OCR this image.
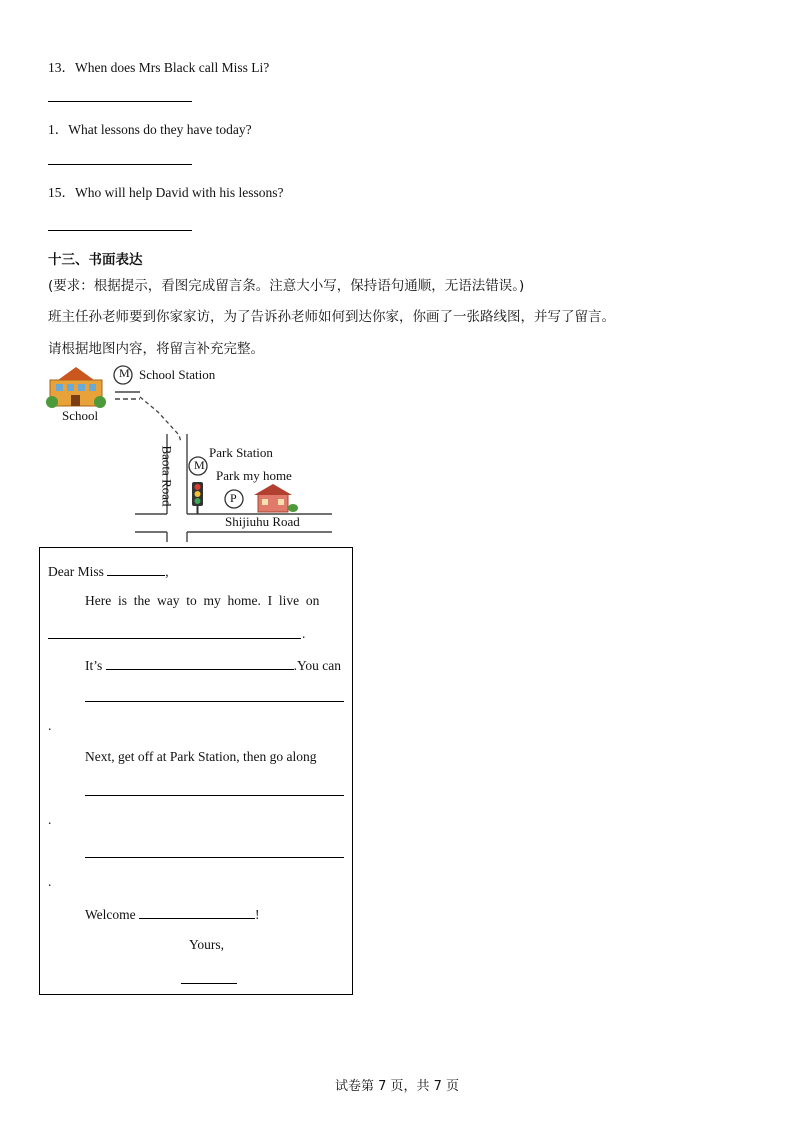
13．When does Mrs Black call Miss Li?
1．What lessons do they have today?
15．Who will help David with his lessons?
十三、书面表达
(要求：根据提示，看图完成留言条。注意大小写，保持语句通顺，无语法错误。)
班主任孙老师要到你家家访，为了告诉孙老师如何到达你家，你画了一张路线图，并写了留言。
请根据地图内容，将留言补充完整。
M School Station
School
Park Station
M
Park my home
P
Shijiuhu Road
Baota Road
Dear Miss	,
Here  is  the  way  to  my  home.  I  live  on
.
It’s	.You can
.
Next, get off at Park Station, then go along
.
.
Welcome	!
Yours,
试卷第 7 页，共 7 页
